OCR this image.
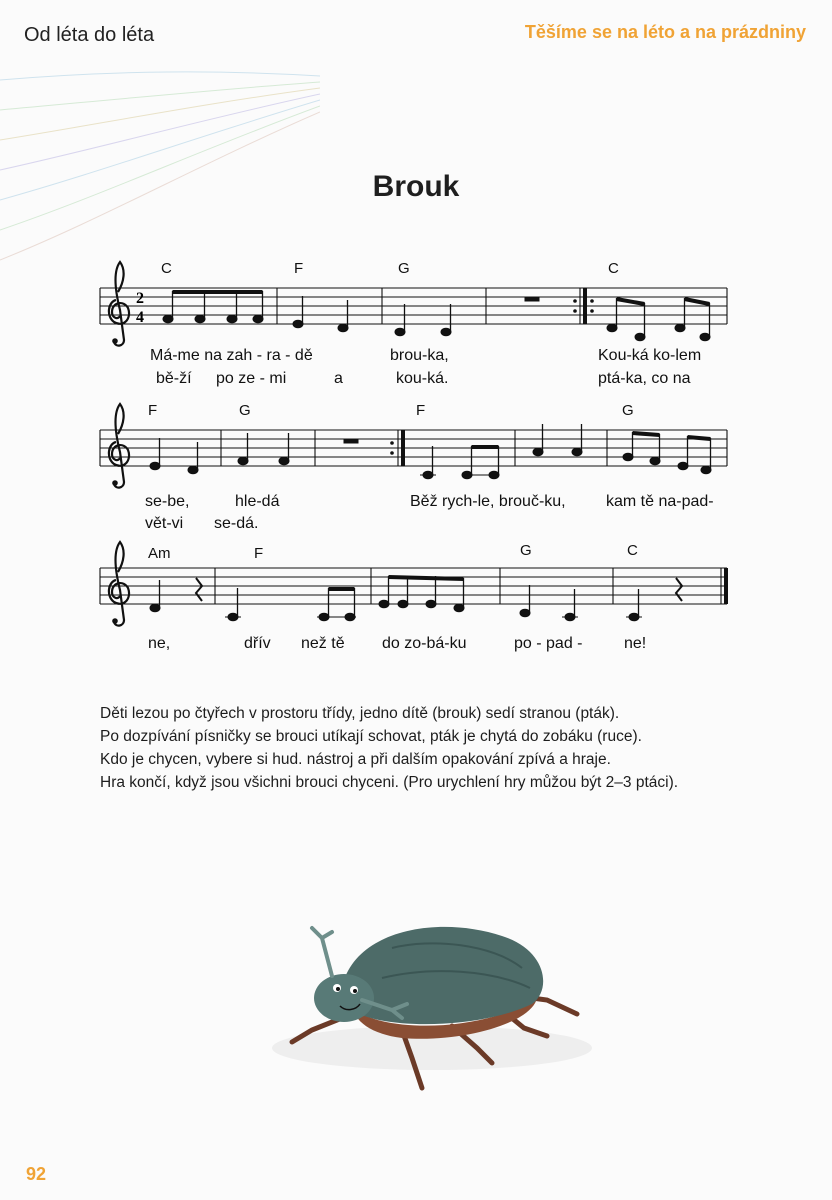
Od léta do léta	Těšíme se na léto a na prázdniny
Brouk
2
4
C	F	G	C
Má-me na zah - ra - dě	brou-ka,	Kou-ká ko-lem
bě-ží po ze - mi	a	kou-ká.	ptá-ka, co na
F	G	F	G
se-be,	hle-dá	Běž rych-le, brouč-ku,	kam tě na-pad-
vět-vi se-dá.
Am	F	G	C
ne,	dřív než tě do zo-bá-ku	po - pad -	ne!

Děti lezou po čtyřech v prostoru třídy, jedno dítě (brouk) sedí stranou (pták).

Po dozpívání písničky se brouci utíkají schovat, pták je chytá do zobáku (ruce).

Kdo je chycen, vybere si hud. nástroj a při dalším opakování zpívá a hraje.

Hra končí, když jsou všichni brouci chyceni. (Pro urychlení hry můžou být 2–3 ptáci).

92
